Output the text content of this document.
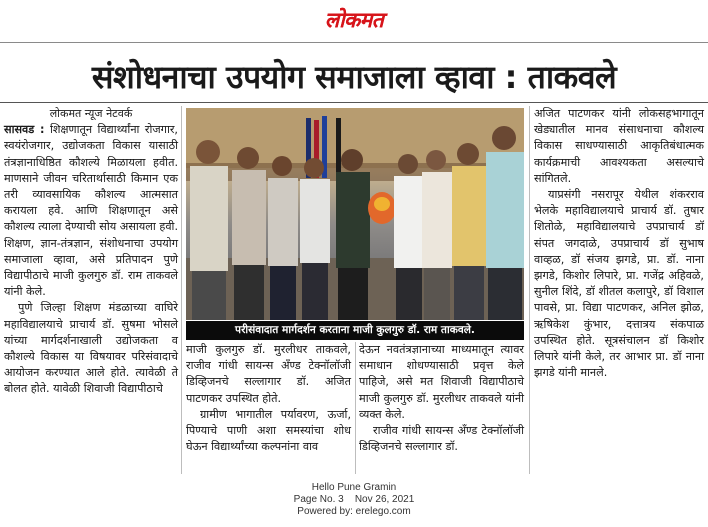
लोकमत
संशोधनाचा उपयोग समाजाला व्हावा : ताकवले

लोकमत न्यूज नेटवर्क

सासवड : शिक्षणातून विद्यार्थ्यांना रोजगार, स्वयंरोजगार, उद्योजकता विकास यासाठी तंत्रज्ञानाधिष्ठित कौशल्ये मिळायला हवीत. माणसाने जीवन चरितार्थासाठी किमान एक तरी व्यावसायिक कौशल्य आत्मसात करायला हवे. आणि शिक्षणातून असे कौशल्य त्याला देण्याची सोय असायला हवी. शिक्षण, ज्ञान-तंत्रज्ञान, संशोधनाचा उपयोग समाजाला व्हावा, असे प्रतिपादन पुणे विद्यापीठाचे माजी कुलगुरु डॉ. राम ताकवले यांनी केले.

पुणे जिल्हा शिक्षण मंडळाच्या वाघिरे महाविद्यालयाचे प्राचार्य डॉ. सुषमा भोसले यांच्या मार्गदर्शनाखाली उद्योजकता व कौशल्ये विकास या विषयावर परिसंवादाचे आयोजन करण्यात आले होते. त्यावेळी ते बोलत होते. यावेळी शिवाजी विद्यापीठाचे

परीसंवादात मार्गदर्शन करताना माजी कुलगुरु डॉ. राम ताकवले.

माजी कुलगुरु डॉ. मुरलीधर ताकवले, राजीव गांधी सायन्स अँण्ड टेक्नॉलॉजी डिव्हिजनचे सल्लागार डॉ. अजित पाटणकर उपस्थित होते.

ग्रामीण भागातील पर्यावरण, ऊर्जा, पिण्याचे पाणी अशा समस्यांचा शोध घेऊन विद्यार्थ्यांच्या कल्पनांना वाव

देऊन नवतंत्रज्ञानाच्या माध्यमातून त्यावर समाधान शोधण्यासाठी प्रवृत्त केले पाहिजे, असे मत शिवाजी विद्यापीठाचे माजी कुलगुरु डॉ. मुरलीधर ताकवले यांनी व्यक्त केले.

राजीव गांधी सायन्स अँण्ड टेक्नॉलॉजी डिव्हिजनचे सल्लागार डॉ.

अजित पाटणकर यांनी लोकसहभागातून खेड्यातील मानव संसाधनाचा कौशल्य विकास साधण्यासाठी आकृतिबंधात्मक कार्यक्रमाची आवश्यकता असल्याचे सांगितले.

याप्रसंगी नसरापूर येथील शंकरराव भेलके महाविद्यालयाचे प्राचार्य डॉ. तुषार शितोळे, महाविद्यालयाचे उपप्राचार्य डॉ संपत जगदाळे, उपप्राचार्य डॉ सुभाष वाव्हळ, डॉ संजय झगडे, प्रा. डॉ. नाना झगडे, किशोर लिपारे, प्रा. गजेंद्र अहिवळे, सुनील शिंदे, डॉ शीतल कलापुरे, डॉ विशाल पावसे, प्रा. विद्या पाटणकर, अनिल झोळ, ऋषिकेश कुंभार, दत्तात्रय संकपाळ उपस्थित होते. सूत्रसंचालन डॉ किशोर लिपारे यांनी केले, तर आभार प्रा. डॉ नाना झगडे यांनी मानले.

Hello Pune Gramin
Page No. 3    Nov 26, 2021
Powered by: erelego.com
